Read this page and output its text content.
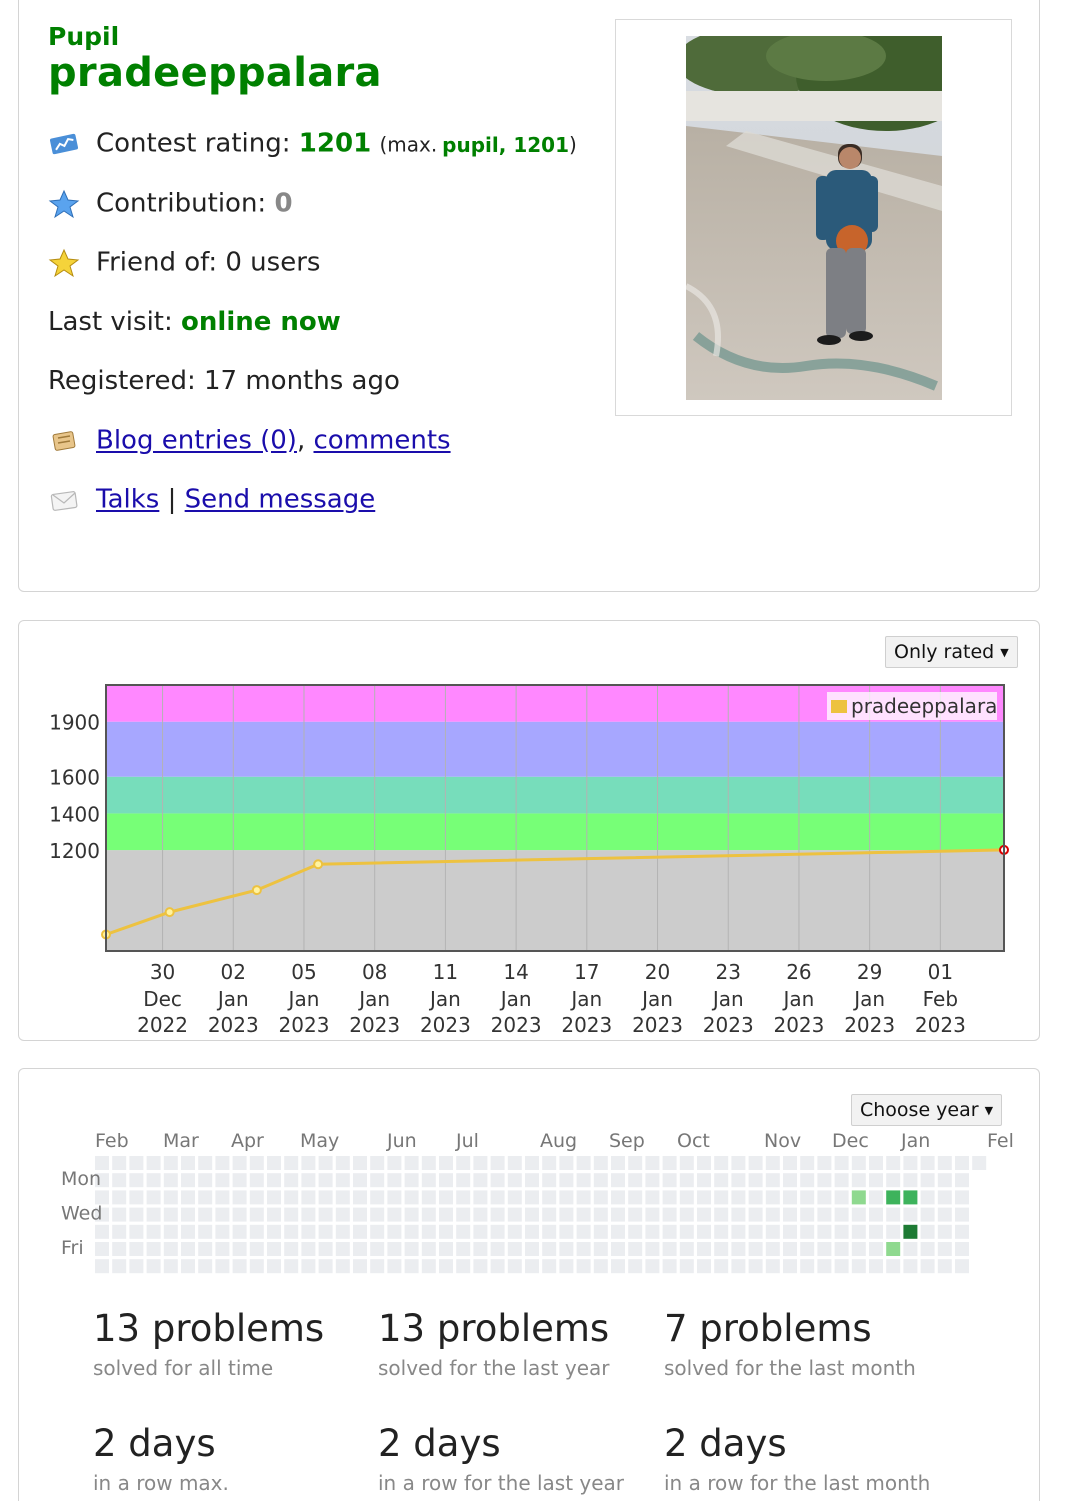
Pupil
pradeeppalara
Contest rating: 1201 (max. pupil, 1201)
Contribution: 0
Friend of: 0 users
Last visit: online now
Registered: 17 months ago
Blog entries (0), comments
Talks | Send message
Only rated ▼
30 Dec 2022
02 Jan 2023
05 Jan 2023
08 Jan 2023
11 Jan 2023
14 Jan 2023
17 Jan 2023
20 Jan 2023
23 Jan 2023
26 Jan 2023
29 Jan 2023
01 Feb 2023
1200
1400
1600
1900
pradeeppalara
Choose year ▼
Feb Mar Apr May	Jun Jul	Aug Sep Oct	Nov Dec Jan	Fel
Mon
Wed
Fri
13 problems
solved for all time
13 problems
solved for the last year
7 problems
solved for the last month
2 days
in a row max.
2 days
in a row for the last year
2 days
in a row for the last month
